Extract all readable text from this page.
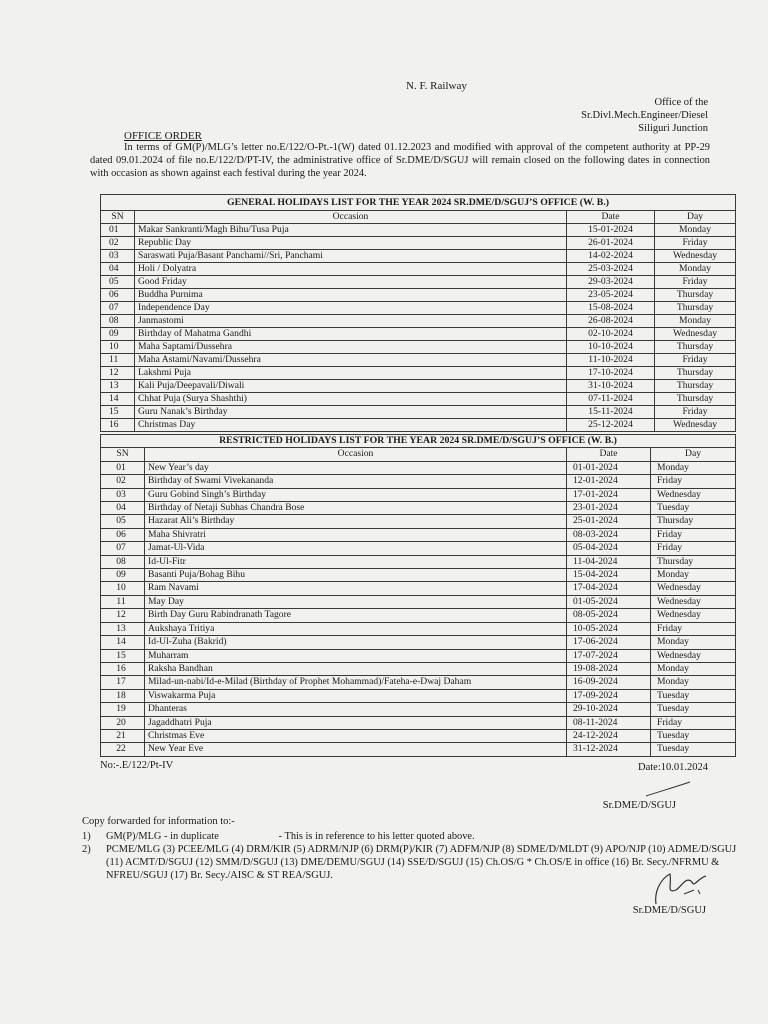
N. F. Railway
Office of the
Sr.Divl.Mech.Engineer/Diesel
Siliguri Junction
OFFICE ORDER
In terms of GM(P)/MLG’s letter no.E/122/O-Pt.-1(W) dated 01.12.2023 and modified with approval of the competent authority at PP-29 dated 09.01.2024 of file no.E/122/D/PT-IV, the administrative office of Sr.DME/D/SGUJ will remain closed on the following dates in connection with occasion as shown against each festival during the year 2024.
GENERAL HOLIDAYS LIST FOR THE YEAR 2024 SR.DME/D/SGUJ’S OFFICE (W. B.)			
SN	Occasion	Date	Day
01	Makar Sankranti/Magh Bihu/Tusa Puja	15-01-2024	Monday
02	Republic Day	26-01-2024	Friday
03	Saraswati Puja/Basant Panchami//Sri, Panchami	14-02-2024	Wednesday
04	Holi / Dolyatra	25-03-2024	Monday
05	Good Friday	29-03-2024	Friday
06	Buddha Purnima	23-05-2024	Thursday
07	Independence Day	15-08-2024	Thursday
08	Janmastomi	26-08-2024	Monday
09	Birthday of Mahatma Gandhi	02-10-2024	Wednesday
10	Maha Saptami/Dussehra	10-10-2024	Thursday
11	Maha Astami/Navami/Dussehra	11-10-2024	Friday
12	Lakshmi Puja	17-10-2024	Thursday
13	Kali Puja/Deepavali/Diwali	31-10-2024	Thursday
14	Chhat Puja (Surya Shashthi)	07-11-2024	Thursday
15	Guru Nanak’s Birthday	15-11-2024	Friday
16	Christmas Day	25-12-2024	Wednesday
RESTRICTED HOLIDAYS LIST FOR THE YEAR 2024 SR.DME/D/SGUJ’S OFFICE (W. B.)			
SN	Occasion	Date	Day
01	New Year’s day	01-01-2024	Monday
02	Birthday of Swami Vivekananda	12-01-2024	Friday
03	Guru Gobind Singh’s Birthday	17-01-2024	Wednesday
04	Birthday of Netaji Subhas Chandra Bose	23-01-2024	Tuesday
05	Hazarat Ali’s Birthday	25-01-2024	Thursday
06	Maha Shivratri	08-03-2024	Friday
07	Jamat-Ul-Vida	05-04-2024	Friday
08	Id-Ul-Fitr	11-04-2024	Thursday
09	Basanti Puja/Bohag Bihu	15-04-2024	Monday
10	Ram Navami	17-04-2024	Wednesday
11	May Day	01-05-2024	Wednesday
12	Birth Day Guru Rabindranath Tagore	08-05-2024	Wednesday
13	Aukshaya Tritiya	10-05-2024	Friday
14	Id-Ul-Zuha (Bakrid)	17-06-2024	Monday
15	Muharram	17-07-2024	Wednesday
16	Raksha Bandhan	19-08-2024	Monday
17	Milad-un-nabi/Id-e-Milad (Birthday of Prophet Mohammad)/Fateha-e-Dwaj Daham	16-09-2024	Monday
18	Viswakarma Puja	17-09-2024	Tuesday
19	Dhanteras	29-10-2024	Tuesday
20	Jagaddhatri Puja	08-11-2024	Friday
21	Christmas Eve	24-12-2024	Tuesday
22	New Year Eve	31-12-2024	Tuesday
No:-.E/122/Pt-IV	Date:10.01.2024
Sr.DME/D/SGUJ
Copy forwarded for information to:-
1)	GM(P)/MLG - in duplicate	- This is in reference to his letter quoted above.
2)	PCME/MLG (3) PCEE/MLG (4) DRM/KIR (5) ADRM/NJP (6) DRM(P)/KIR (7) ADFM/NJP (8) SDME/D/MLDT (9) APO/NJP (10) ADME/D/SGUJ (11) ACMT/D/SGUJ (12) SMM/D/SGUJ (13) DME/DEMU/SGUJ (14) SSE/D/SGUJ (15) Ch.OS/G * Ch.OS/E in office (16) Br. Secy./NFRMU & NFREU/SGUJ (17) Br. Secy./AISC & ST REA/SGUJ.
Sr.DME/D/SGUJ
